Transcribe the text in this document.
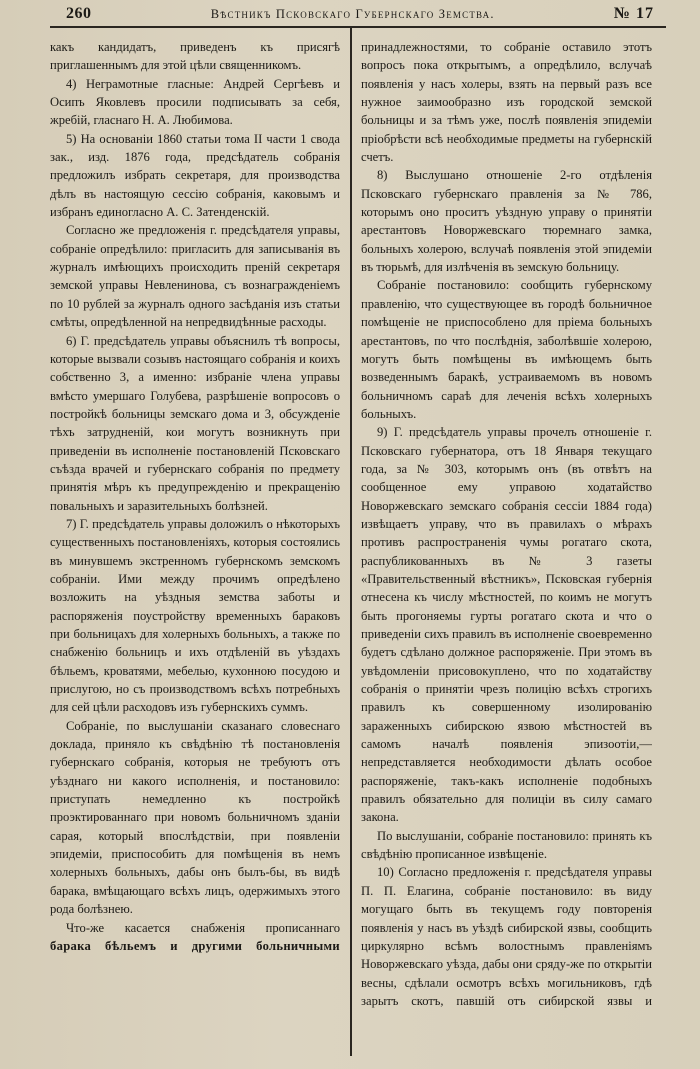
260	Вѣстникъ Псковскаго Губернскаго Земства.	№ 17

какъ кандидатъ, приведенъ къ присягѣ приглашеннымъ для этой цѣли священникомъ.

4) Неграмотные гласные: Андрей Сергѣевъ и Осипъ Яковлевъ просили подписывать за себя, жребiй, гласнаго Н. А. Любимова.

5) На основанiи 1860 статьи тома II части 1 свода зак., изд. 1876 года, предсѣдатель собранiя предложилъ избрать секретаря, для производства дѣлъ въ настоящую сессiю собранiя, каковымъ и избранъ единогласно А. С. Затенденскiй.

Согласно же предложенiя г. предсѣдателя управы, собранiе опредѣлило: пригласить для записыванiя въ журналъ имѣющихъ происходить пренiй секретаря земской управы Невленинова, съ вознагражденiемъ по 10 рублей за журналъ одного засѣданiя изъ статьи смѣты, опредѣленной на непредвидѣнные расходы.

6) Г. предсѣдатель управы объяснилъ тѣ вопросы, которые вызвали созывъ настоящаго собранiя и коихъ собственно 3, а именно: избранiе члена управы вмѣсто умершаго Голубева, разрѣшенiе вопросовъ о постройкѣ больницы земскаго дома и 3, обсужденiе тѣхъ затрудненiй, кои могутъ возникнуть при приведенiи въ исполненiе постановленiй Псковскаго съѣзда врачей и губернскаго собранiя по предмету принятiя мѣръ къ предупрежденiю и прекращенiю повальныхъ и заразительныхъ болѣзней.

7) Г. предсѣдатель управы доложилъ о нѣкоторыхъ существенныхъ постановленiяхъ, которыя состоялись въ минувшемъ экстренномъ губернскомъ земскомъ собранiи. Ими между прочимъ опредѣлено возложить на уѣздныя земства заботы и распоряженiя поустройству временныхъ бараковъ при больницахъ для холерныхъ больныхъ, а также по снабженiю больницъ и ихъ отдѣленiй въ уѣздахъ бѣльемъ, кроватями, мебелью, кухонною посудою и прислугою, но съ производствомъ всѣхъ потребныхъ для сей цѣли расходовъ изъ губернскихъ суммъ.

Собранiе, по выслушанiи сказанаго словеснаго доклада, приняло къ свѣдѣнiю тѣ постановленiя губернскаго собранiя, которыя не требуютъ отъ уѣзднаго ни какого исполненiя, и постановило: приступать немедленно къ постройкѣ проэктированнаго при новомъ больничномъ зданiи сарая, который впослѣдствiи, при появленiи эпидемiи, приспособить для помѣщенiя въ немъ холерныхъ больныхъ, дабы онъ былъ-бы, въ видѣ барака, вмѣщающаго всѣхъ лицъ, одержимыхъ этого рода болѣзнею.

Что-же касается снабженiя прописаннаго

барака бѣльемъ и другими больничными

принадлежностями, то собранiе оставило этотъ вопросъ пока открытымъ, а опредѣлило, вслучаѣ появленiя у насъ холеры, взять на первый разъ все нужное заимообразно изъ городской земской больницы и за тѣмъ уже, послѣ появленiя эпидемiи прiобрѣсти всѣ необходимые предметы на губернскiй счетъ.

8) Выслушано отношенiе 2-го отдѣленiя Псковскаго губернскаго правленiя за № 786, которымъ оно проситъ уѣздную управу о принятiи арестантовъ Новоржевскаго тюремнаго замка, больныхъ холерою, вслучаѣ появленiя этой эпидемiи въ тюрьмѣ, для излѣченiя въ земскую больницу.

Собранiе постановило: сообщить губернскому правленiю, что существующее въ городѣ больничное помѣщенiе не приспособлено для прiема больныхъ арестантовъ, по что послѣднiя, заболѣвшiе холерою, могутъ быть помѣщены въ имѣющемъ быть возведеннымъ баракѣ, устраиваемомъ въ новомъ больничномъ сараѣ для леченiя всѣхъ холерныхъ больныхъ.

9) Г. предсѣдатель управы прочелъ отношенiе г. Псковскаго губернатора, отъ 18 Января текущаго года, за № 303, которымъ онъ (въ отвѣтъ на сообщенное ему управою ходатайство Новоржевскаго земскаго собранiя сессiи 1884 года) извѣщаетъ управу, что въ правилахъ о мѣрахъ противъ распространенiя чумы рогатаго скота, распубликованныхъ въ № 3 газеты «Правительственный вѣстникъ», Псковская губернiя отнесена къ числу мѣстностей, по коимъ не могутъ быть прогоняемы гурты рогатаго скота и что о приведенiи сихъ правилъ въ исполненiе своевременно будетъ сдѣлано должное распоряженiе. При этомъ въ увѣдомленiи присовокуплено, что по ходатайству собранiя о принятiи чрезъ полицiю всѣхъ строгихъ правилъ къ совершенному изолированiю зараженныхъ сибирскою язвою мѣстностей въ самомъ началѣ появленiя эпизоотiи,—непредставляется необходимости дѣлать особое распоряженiе, такъ-какъ исполненiе подобныхъ правилъ обязательно для полицiи въ силу самаго закона.

По выслушанiи, собранiе постановило: принять къ свѣдѣнiю прописанное извѣщенiе.

10) Согласно предложенiя г. предсѣдателя управы П. П. Елагина, собранiе постановило: въ виду могущаго быть въ текущемъ году повторенiя появленiя у насъ въ уѣздѣ сибирской язвы, сообщить циркулярно всѣмъ волостнымъ правленiямъ Новоржевскаго уѣзда, дабы они сряду-же по открытiи весны, сдѣлали осмотръ всѣхъ могильниковъ, гдѣ зарытъ скотъ, павшiй отъ сибирской язвы и
